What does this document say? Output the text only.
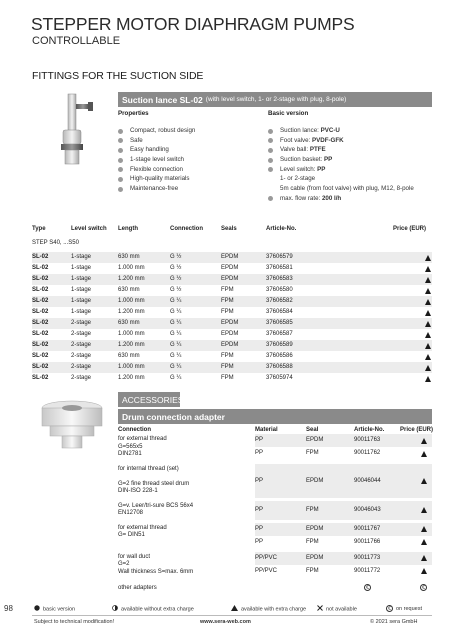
STEPPER MOTOR DIAPHRAGM PUMPS
CONTROLLABLE
FITTINGS FOR THE SUCTION SIDE
Suction lance SL-02 (with level switch, 1- or 2-stage with plug, 8-pole)
Properties	Basic version
Compact, robust design
Safe
Easy handling
1-stage level switch
Flexible connection
High-quality materials
Maintenance-free
Suction lance: PVC-U
Foot valve: PVDF-GFK
Valve ball: PTFE
Suction basket: PP
Level switch: PP
1- or 2-stage
5m cable (from foot valve) with plug, M12, 8-pole
max. flow rate: 200 l/h
Type	Level switch Length	Connection	Seals	Article-No.	Price (EUR)
STEP S40, ...S50
SL-02	1-stage	630 mm	G ½	EPDM	37606579
SL-02	1-stage	1.000 mm	G ½	EPDM	37606581
SL-02	1-stage	1.200 mm	G ½	EPDM	37606583
SL-02	1-stage	630 mm	G ½	FPM	37606580
SL-02	1-stage	1.000 mm	G ¼	FPM	37606582
SL-02	1-stage	1.200 mm	G ¼	FPM	37606584
SL-02	2-stage	630 mm	G ¼	EPDM	37606585
SL-02	2-stage	1.000 mm	G ¼	EPDM	37606587
SL-02	2-stage	1.200 mm	G ¼	EPDM	37606589
SL-02	2-stage	630 mm	G ¼	FPM	37606586
SL-02	2-stage	1.000 mm	G ¼	FPM	37606588
SL-02	2-stage	1.200 mm	G ¼	FPM	37605974
ACCESSORIES
Drum connection adapter
Connection	Material	Seal	Article-No.	Price (EUR)
for external thread
G=565x5
DIN2781
PP	EPDM	90011763
PP	FPM	90011762
for internal thread (set)
G=2 fine thread steel drum
DIN-ISO 228-1
PP	EPDM	90046044
G=v. Leer/tri-sure BCS 56x4
EN12708
PP	FPM	90046043
for external thread
G= DIN51
PP	EPDM	90011767
PP	FPM	90011766
for wall duct
G=2
Wall thickness S=max. 6mm
PP/PVC	EPDM	90011773
PP/PVC	FPM	90011772
other adapters	€	€
98	basic version	available without extra charge	available with extra charge	not available	€ on request
Subject to technical modification!	www.sera-web.com	© 2021 sera GmbH
